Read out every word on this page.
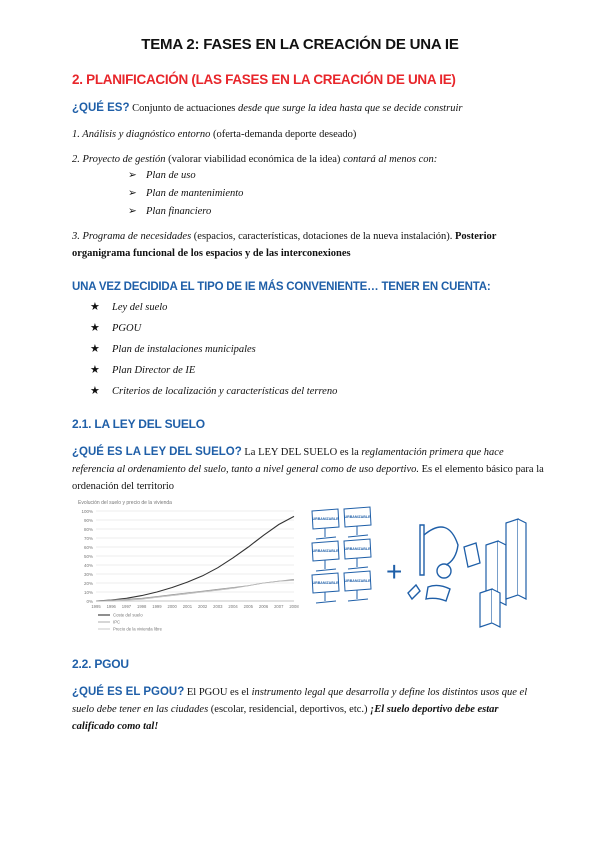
TEMA 2: FASES EN LA CREACIÓN DE UNA IE
2. PLANIFICACIÓN (LAS FASES EN LA CREACIÓN DE UNA IE)
¿QUÉ ES? Conjunto de actuaciones desde que surge la idea hasta que se decide construir
1. Análisis y diagnóstico entorno (oferta-demanda deporte deseado)
2. Proyecto de gestión (valorar viabilidad económica de la idea) contará al menos con:
➢ Plan de uso
➢ Plan de mantenimiento
➢ Plan financiero
3. Programa de necesidades (espacios, características, dotaciones de la nueva instalación). Posterior organigrama funcional de los espacios y de las interconexiones
UNA VEZ DECIDIDA EL TIPO DE IE MÁS CONVENIENTE… TENER EN CUENTA:
★ Ley del suelo
★ PGOU
★ Plan de instalaciones municipales
★ Plan Director de IE
★ Criterios de localización y características del terreno
2.1. LA LEY DEL SUELO
¿QUÉ ES LA LEY DEL SUELO? La LEY DEL SUELO es la reglamentación primera que hace referencia al ordenamiento del suelo, tanto a nivel general como de uso deportivo. Es el elemento básico para la ordenación del territorio
Evolución del suelo y precio de la vivienda
0%
10%
20%
30%
40%
50%
60%
70%
80%
90%
100%
1995 1996 1997 1998 1999 2000 2001 2002 2003 2004 2005 2006 2007 2008
Coste del suelo
IPC
Precio de la vivienda libre
URBANIZABLE URBANIZABLE
URBANIZABLE URBANIZABLE
URBANIZABLE URBANIZABLE +
2.2. PGOU
¿QUÉ ES EL PGOU? El PGOU es el instrumento legal que desarrolla y define los distintos usos que el suelo debe tener en las ciudades (escolar, residencial, deportivos, etc.) ¡El suelo deportivo debe estar calificado como tal!
